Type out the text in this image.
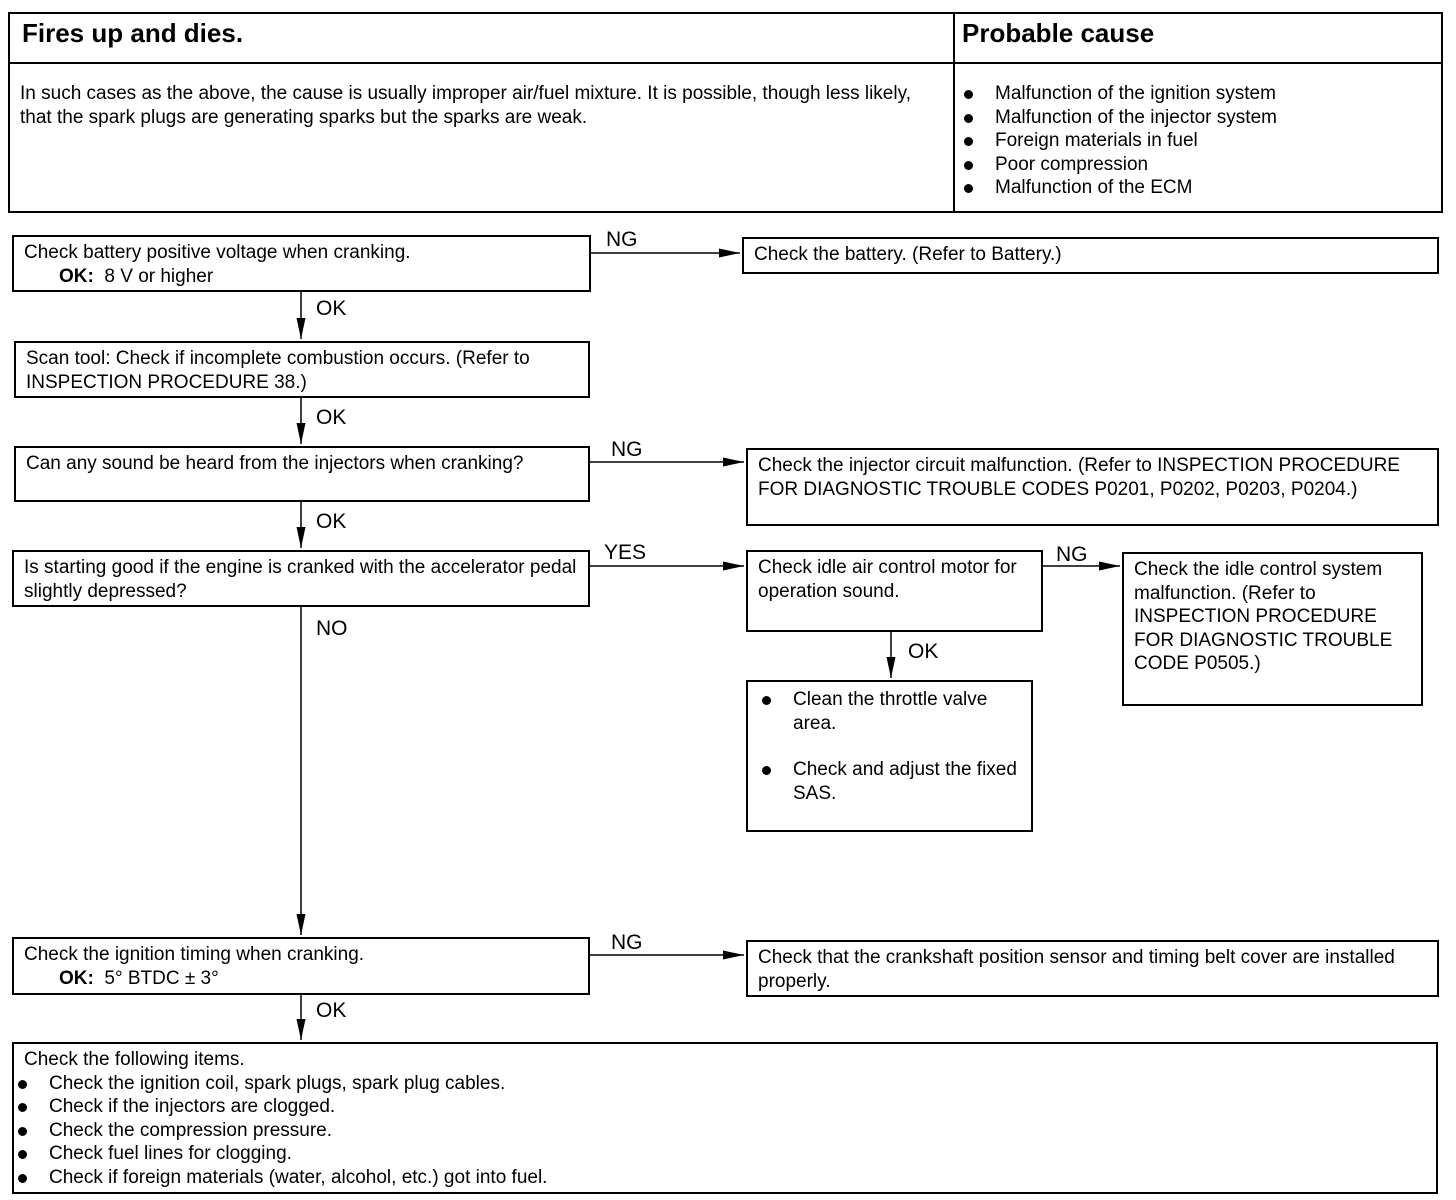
Fires up and dies.	Probable cause
In such cases as the above, the cause is usually improper air/fuel mixture. It is possible, though less likely, that the spark plugs are generating sparks but the sparks are weak.
Malfunction of the ignition system
Malfunction of the injector system
Foreign materials in fuel
Poor compression
Malfunction of the ECM
Check battery positive voltage when cranking.
OK: 8 V or higher
NG
Check the battery. (Refer to Battery.)
OK
Scan tool: Check if incomplete combustion occurs. (Refer to INSPECTION PROCEDURE 38.)
OK
Can any sound be heard from the injectors when cranking?
NG
Check the injector circuit malfunction. (Refer to INSPECTION PROCEDURE FOR DIAGNOSTIC TROUBLE CODES P0201, P0202, P0203, P0204.)
OK
Is starting good if the engine is cranked with the accelerator pedal slightly depressed?
YES
NO
Check idle air control motor for operation sound.
NG
Check the idle control system malfunction. (Refer to INSPECTION PROCEDURE FOR DIAGNOSTIC TROUBLE CODE P0505.)
OK
Clean the throttle valve area.
Check and adjust the fixed SAS.
Check the ignition timing when cranking.
OK: 5° BTDC ± 3°
NG
Check that the crankshaft position sensor and timing belt cover are installed properly.
OK
Check the following items.
Check the ignition coil, spark plugs, spark plug cables.
Check if the injectors are clogged.
Check the compression pressure.
Check fuel lines for clogging.
Check if foreign materials (water, alcohol, etc.) got into fuel.
